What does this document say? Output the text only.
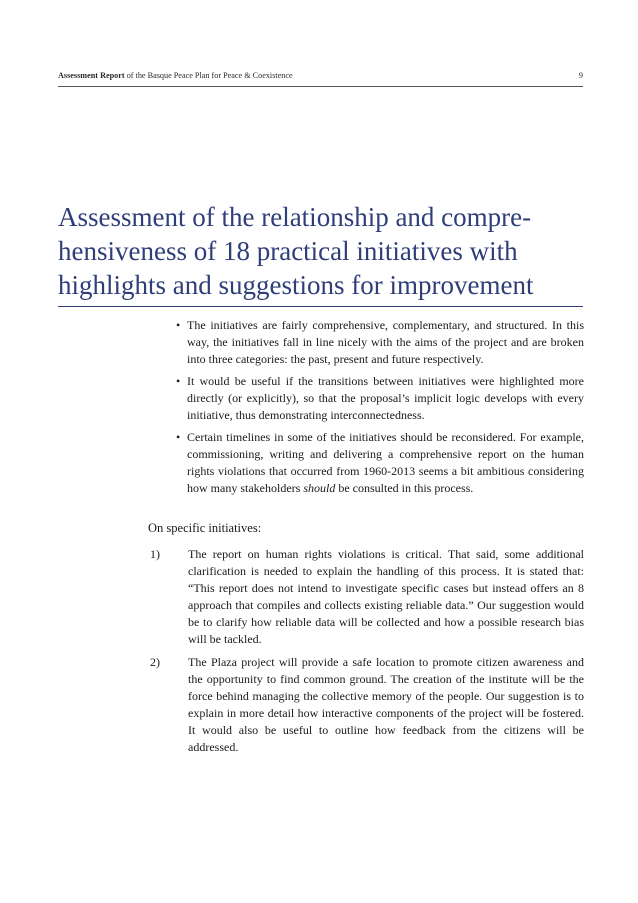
Assessment Report of the Basque Peace Plan for Peace & Coexistence	9
Assessment of the relationship and compre-
hensiveness of 18 practical initiatives with
highlights and suggestions for improvement
• The initiatives are fairly comprehensive, complementary, and structured. In this way, the initiatives fall in line nicely with the aims of the project and are broken into three categories: the past, present and future respectively.
• It would be useful if the transitions between initiatives were highlighted more directly (or explicitly), so that the proposal’s implicit logic develops with every initiative, thus demonstrating interconnectedness.
• Certain timelines in some of the initiatives should be reconsidered. For example, commissioning, writing and delivering a comprehensive report on the human rights violations that occurred from 1960-2013 seems a bit ambitious considering how many stakeholders should be consulted in this process.
On specific initiatives:
1) The report on human rights violations is critical. That said, some additional clarification is needed to explain the handling of this process. It is stated that: “This report does not intend to investigate specific cases but instead offers an 8 approach that compiles and collects existing reliable data.” Our suggestion would be to clarify how reliable data will be collected and how a possible research bias will be tackled.
2) The Plaza project will provide a safe location to promote citizen awareness and the opportunity to find common ground. The creation of the institute will be the force behind managing the collective memory of the people. Our suggestion is to explain in more detail how interactive components of the project will be fostered. It would also be useful to outline how feedback from the citizens will be addressed.
